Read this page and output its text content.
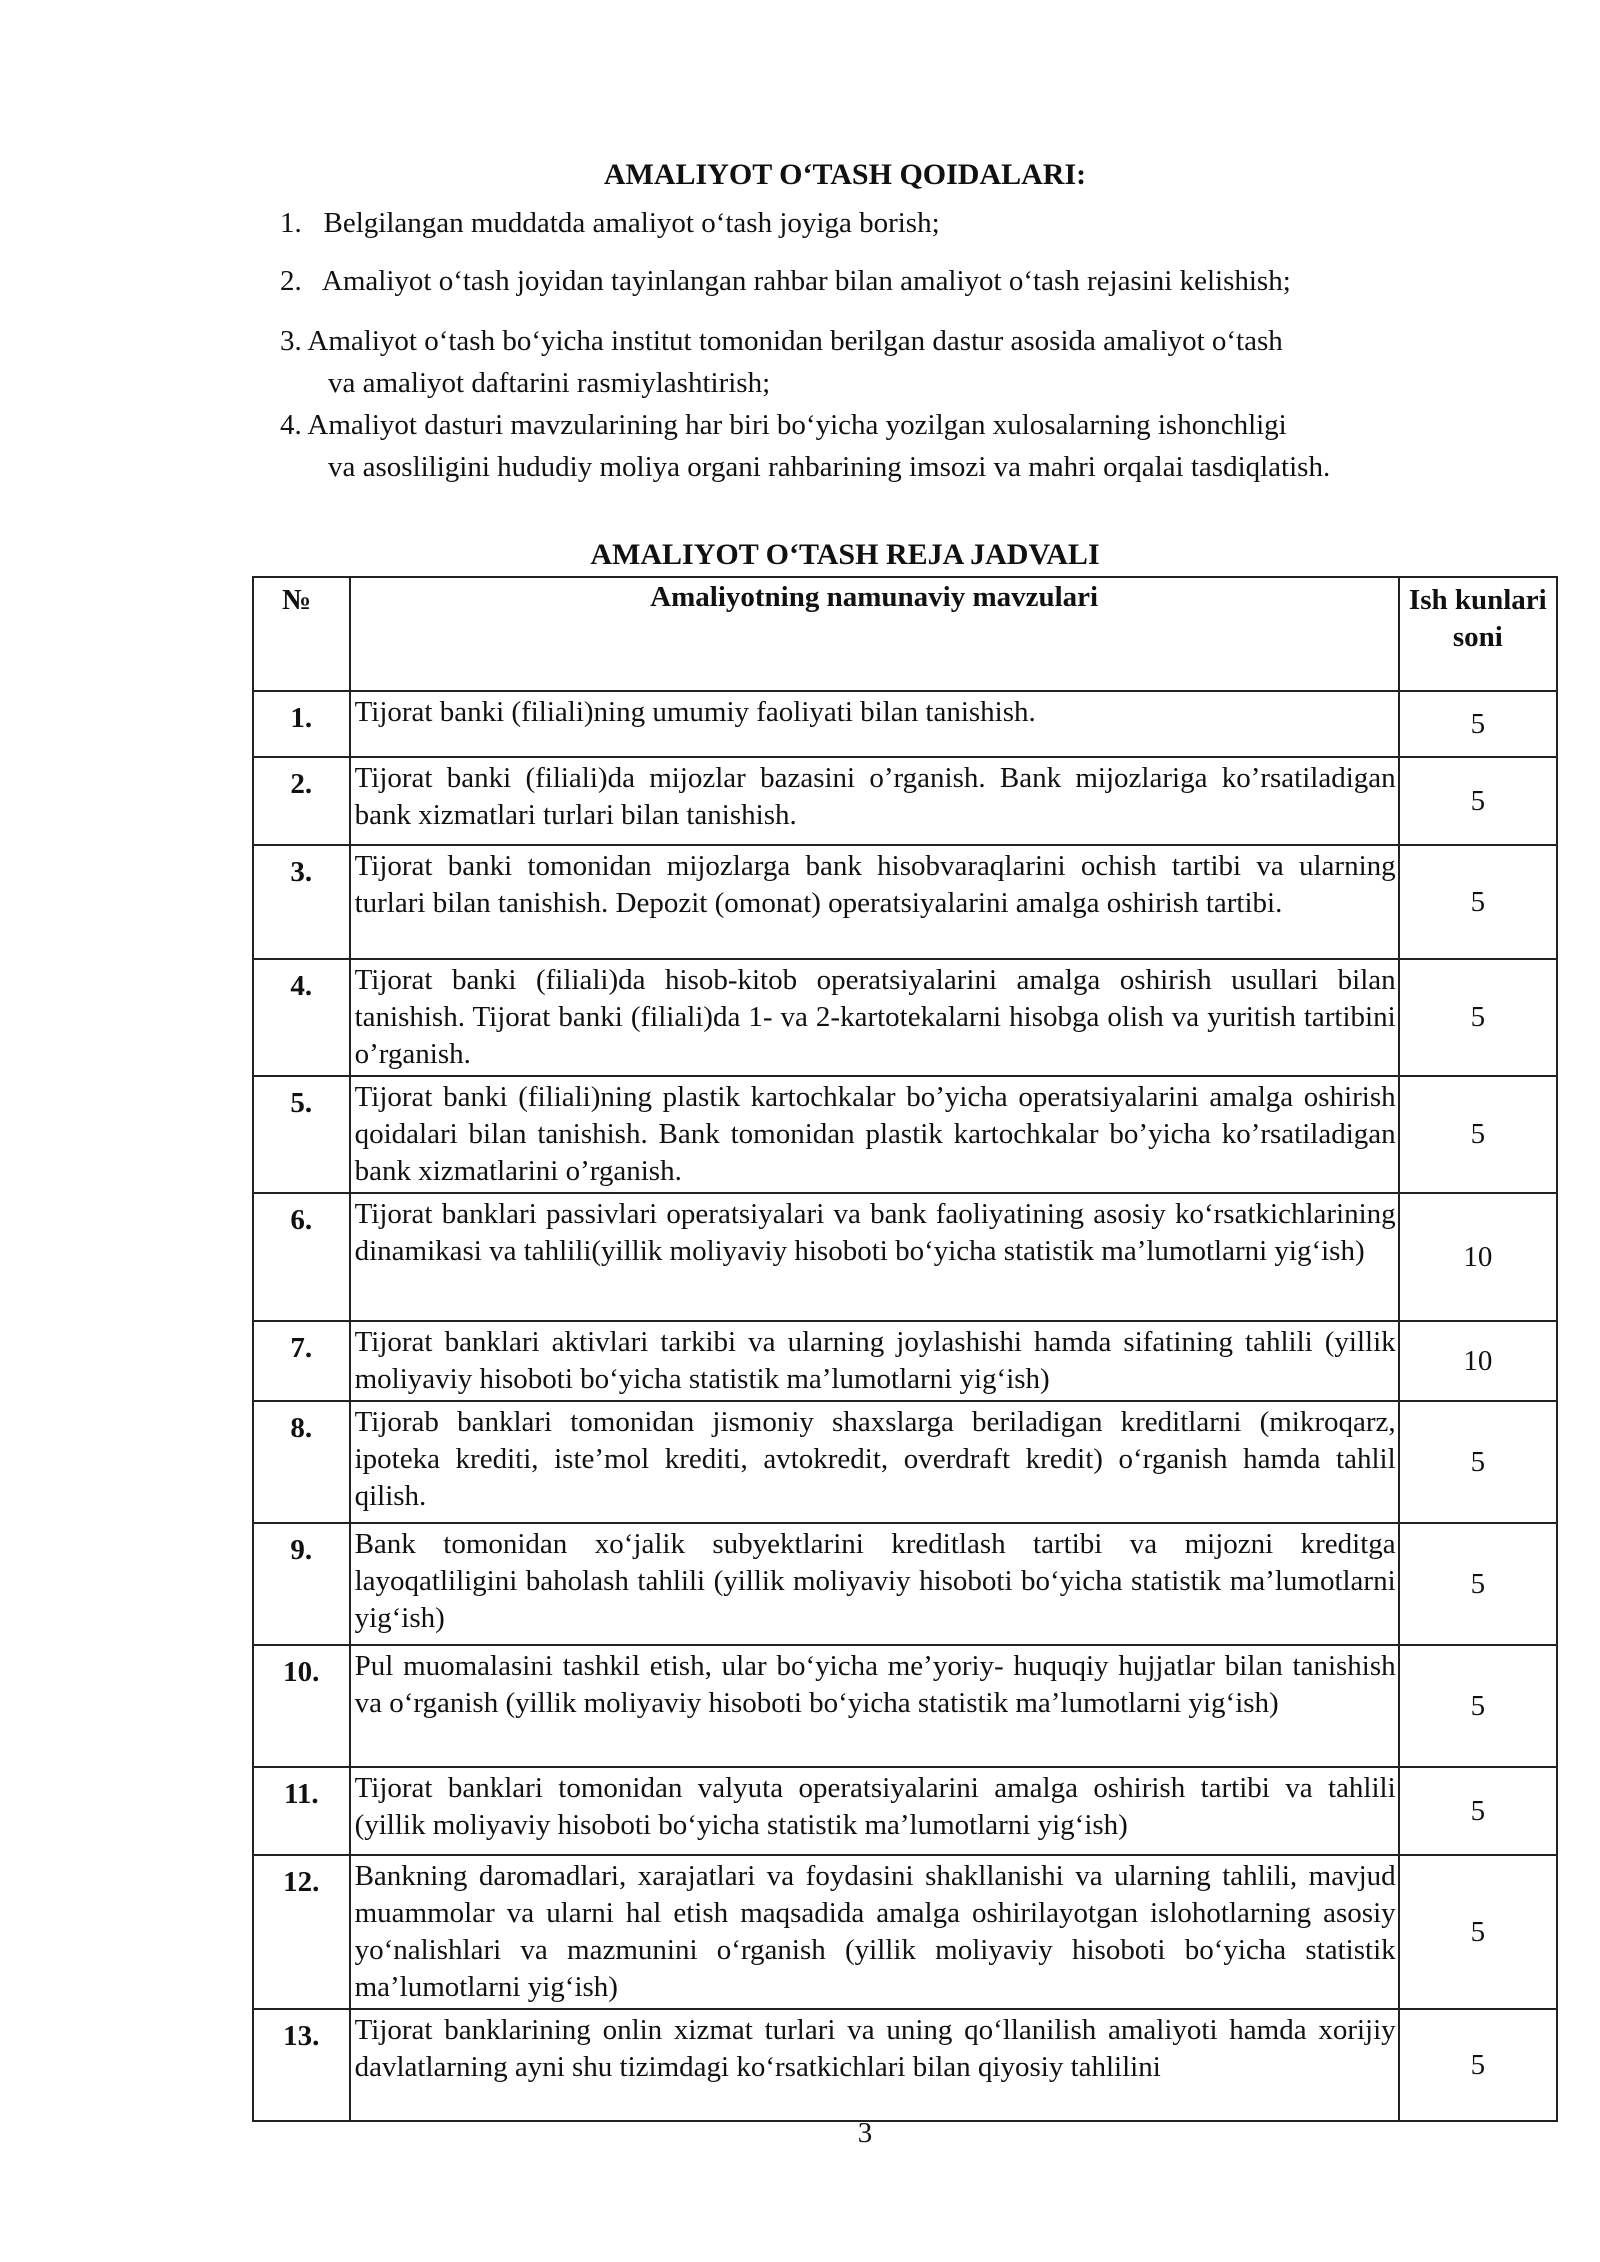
AMALIYOT O‘TASH QOIDALARI:
1. Belgilangan muddatda amaliyot o‘tash joyiga borish;
2. Amaliyot o‘tash joyidan tayinlangan rahbar bilan amaliyot o‘tash rejasini kelishish;
3. Amaliyot o‘tash bo‘yicha institut tomonidan berilgan dastur asosida amaliyot o‘tash
va amaliyot daftarini rasmiylashtirish;
4. Amaliyot dasturi mavzularining har biri bo‘yicha yozilgan xulosalarning ishonchligi
va asosliligini hududiy moliya organi rahbarining imsozi va mahri orqalai tasdiqlatish.
AMALIYOT O‘TASH REJA JADVALI
№	Amaliyotning namunaviy mavzulari	Ish kunlari soni
1.	Tijorat banki (filiali)ning umumiy faoliyati bilan tanishish.	5
2.	Tijorat banki (filiali)da mijozlar bazasini o’rganish. Bank mijozlariga ko’rsatiladigan bank xizmatlari turlari bilan tanishish.	5
3.	Tijorat banki tomonidan mijozlarga bank hisobvaraqlarini ochish tartibi va ularning turlari bilan tanishish. Depozit (omonat) operatsiyalarini amalga oshirish tartibi.	5
4.	Tijorat banki (filiali)da hisob-kitob operatsiyalarini amalga oshirish usullari bilan tanishish. Tijorat banki (filiali)da 1- va 2-kartotekalarni hisobga olish va yuritish tartibini o’rganish.	5
5.	Tijorat banki (filiali)ning plastik kartochkalar bo’yicha operatsiyalarini amalga oshirish qoidalari bilan tanishish. Bank tomonidan plastik kartochkalar bo’yicha ko’rsatiladigan bank xizmatlarini o’rganish.	5
6.	Tijorat banklari passivlari operatsiyalari va bank faoliyatining asosiy ko‘rsatkichlarining dinamikasi va tahlili(yillik moliyaviy hisoboti bo‘yicha statistik ma’lumotlarni yig‘ish)	10
7.	Tijorat banklari aktivlari tarkibi va ularning joylashishi hamda sifatining tahlili (yillik moliyaviy hisoboti bo‘yicha statistik ma’lumotlarni yig‘ish)	10
8.	Tijorab banklari tomonidan jismoniy shaxslarga beriladigan kreditlarni (mikroqarz, ipoteka krediti, iste’mol krediti, avtokredit, overdraft kredit) o‘rganish hamda tahlil qilish.	5
9.	Bank tomonidan xo‘jalik subyektlarini kreditlash tartibi va mijozni kreditga layoqatliligini baholash tahlili (yillik moliyaviy hisoboti bo‘yicha statistik ma’lumotlarni yig‘ish)	5
10.	Pul muomalasini tashkil etish, ular bo‘yicha me’yoriy- huquqiy hujjatlar bilan tanishish va o‘rganish (yillik moliyaviy hisoboti bo‘yicha statistik ma’lumotlarni yig‘ish)	5
11.	Tijorat banklari tomonidan valyuta operatsiyalarini amalga oshirish tartibi va tahlili (yillik moliyaviy hisoboti bo‘yicha statistik ma’lumotlarni yig‘ish)	5
12.	Bankning daromadlari, xarajatlari va foydasini shakllanishi va ularning tahlili, mavjud muammolar va ularni hal etish maqsadida amalga oshirilayotgan islohotlarning asosiy yo‘nalishlari va mazmunini o‘rganish (yillik moliyaviy hisoboti bo‘yicha statistik ma’lumotlarni yig‘ish)	5
13.	Tijorat banklarining onlin xizmat turlari va uning qo‘llanilish amaliyoti hamda xorijiy davlatlarning ayni shu tizimdagi ko‘rsatkichlari bilan qiyosiy tahlilini	5
3
